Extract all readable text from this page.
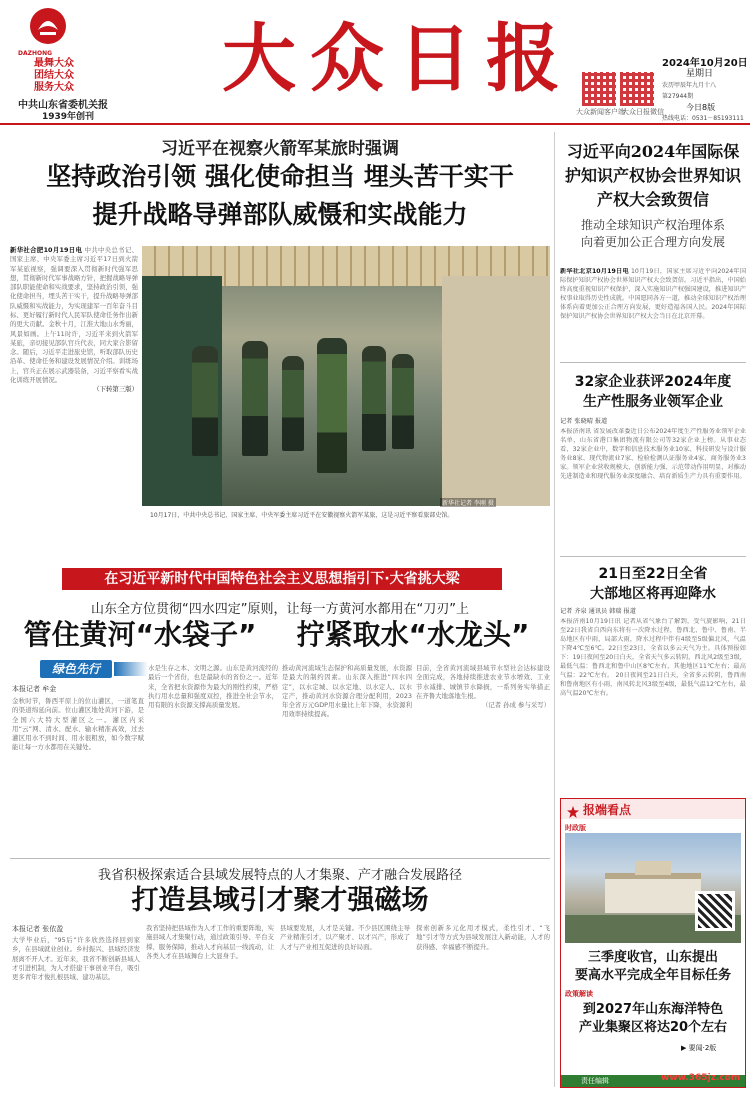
DAZHONG
最舞大众
团结大众
服务大众
中共山东省委机关报
1939年创刊
大众日报
大众新闻客户端
大众日报微信
2024年10月20日
星期日
农历甲辰年九月十八
第27944期
今日8版
热线电话：0531－85193111
习近平在视察火箭军某旅时强调
坚持政治引领 强化使命担当 埋头苦干实干
提升战略导弹部队威慑和实战能力
新华社合肥10月19日电 中共中央总书记、国家主席、中央军委主席习近平17日到火箭军某旅视察，强调要深入贯彻新时代强军思想，贯彻新时代军事战略方针，把握战略导弹部队职能使命和实战要求，坚持政治引领，强化使命担当，埋头苦干实干，提升战略导弹部队威慑和实战能力，为实现建军一百年奋斗目标、更好履行新时代人民军队使命任务作出新的更大贡献。金秋十月，江淮大地山水秀丽，风景如画。上午11时许，习近平来到火箭军某旅，亲切接见部队官兵代表，同大家合影留念。随后，习近平走进旅史馆，听取部队历史沿革、使命任务和建设发展情况介绍。训练场上，官兵正在展示武器装备，习近平察看实战化训练开展情况。
（下转第三版）
10月17日，中共中央总书记、国家主席、中央军委主席习近平在安徽视察火箭军某旅，这是习近平察看旅部史馆。
新华社记者 李刚 摄
在习近平新时代中国特色社会主义思想指引下·大省挑大梁
山东全方位贯彻“四水四定”原则，让每一方黄河水都用在“刀刃”上
管住黄河“水袋子”	拧紧取水“水龙头”
绿色先行
本报记者 牟金
金秋时节，鲁西平原上的位山灌区，一道笔直的渠道绵延向前。位山灌区地处黄河下游，是全国六大特大型灌区之一。灌区内采用“云”网、清水、配水、输水精准高效，过去灌区用水不到时间、用水很粗放，如今数字赋能让每一方水都用在关键处。
水是生存之本、文明之源。山东是黄河流经的最后一个省份，也是最缺水的省份之一。近年来，全省把水资源作为最大的刚性约束，严格执行用水总量和强度双控，推进全社会节水，用有限的水资源支撑高质量发展。
推动黄河流域生态保护和高质量发展，水资源是最大的制约因素。山东深入推进“四水四定”，以水定城、以水定地、以水定人、以水定产，推动黄河水资源合理分配利用，2023年全省万元GDP用水量比上年下降，水资源利用效率持续提高。
目前，全省黄河流域县域节水型社会达标建设全面完成，各地持续推进农业节水增效、工业节水减排、城镇节水降损，一系列务实举措正在齐鲁大地落地生根。
（记者 孙成 参与采写）
我省积极探索适合县域发展特点的人才集聚、产才融合发展路径
打造县域引才聚才强磁场
本报记者 张依盈
大学毕业后，“95后”许多欣然选择回到家乡，在县域就业创业。乡村振兴、县域经济发展离不开人才。近年来，我省不断创新县域人才引进机制，为人才搭建干事创业平台，吸引更多青年才俊扎根县域、建功基层。
我省坚持把县域作为人才工作的重要阵地，实施县域人才集聚行动，通过政策引导、平台支撑、服务保障，推动人才向基层一线流动，让各类人才在县域舞台上大显身手。
县域要发展，人才是关键。不少县区围绕主导产业精准引才，以产聚才、以才兴产，形成了人才与产业相互促进的良好局面。
探索创新多元化用才模式，柔性引才、“飞地”引才等方式为县域发展注入新动能，人才的获得感、幸福感不断提升。
习近平向2024年国际保护知识产权协会世界知识产权大会致贺信
推动全球知识产权治理体系
向着更加公正合理方向发展
新华社北京10月19日电 10月19日，国家主席习近平向2024年国际保护知识产权协会世界知识产权大会致贺信。习近平指出，中国始终高度重视知识产权保护，深入实施知识产权强国建设，推进知识产权事业取得历史性成就。中国愿同各方一道，推动全球知识产权治理体系向着更加公正合理方向发展，更好造福各国人民。2024年国际保护知识产权协会世界知识产权大会当日在北京开幕。
32家企业获评2024年度
生产性服务业领军企业
记者 张晓晴 报道
本报济南讯 省发展改革委近日公布2024年度生产性服务业领军企业名单，山东省港口集团物流有限公司等32家企业上榜。从事业态看，32家企业中，数字和信息技术服务业10家、科技研发与设计服务业8家、现代物流业7家、检验检测认证服务业4家、商务服务业3家。领军企业营收规模大、创新能力强、示范带动作用明显，对推动先进制造业和现代服务业深度融合、培育新质生产力具有重要作用。
21日至22日全省
大部地区将再迎降水
记者 齐泉 通讯员 韩瑞 报道
本报济南10月19日讯 记者从省气象台了解到，受气旋影响，21日至22日我省自西向东将有一次降水过程，鲁西北、鲁中、鲁南、半岛地区有中雨，局部大雨，降水过程中伴有4级至5级偏北风，气温下降4℃至6℃。22日至23日，全省以多云天气为主。具体预报如下：19日夜间至20日白天，全省天气多云转阴，西北风2级至3级，最低气温：鲁西北和鲁中山区8℃左右，其他地区11℃左右；最高气温：22℃左右。 20日夜间至21日白天，全省多云转阴，鲁西南和鲁南地区有小雨，南风转北风3级至4级，最低气温12℃左右，最高气温20℃左右。
报端看点
时政版
三季度收官，山东提出
要高水平完成全年目标任务
政策解读
到2027年山东海洋特色
产业集聚区将达20个左右
▶ 要闻·2版
责任编辑	www.365jz.com
